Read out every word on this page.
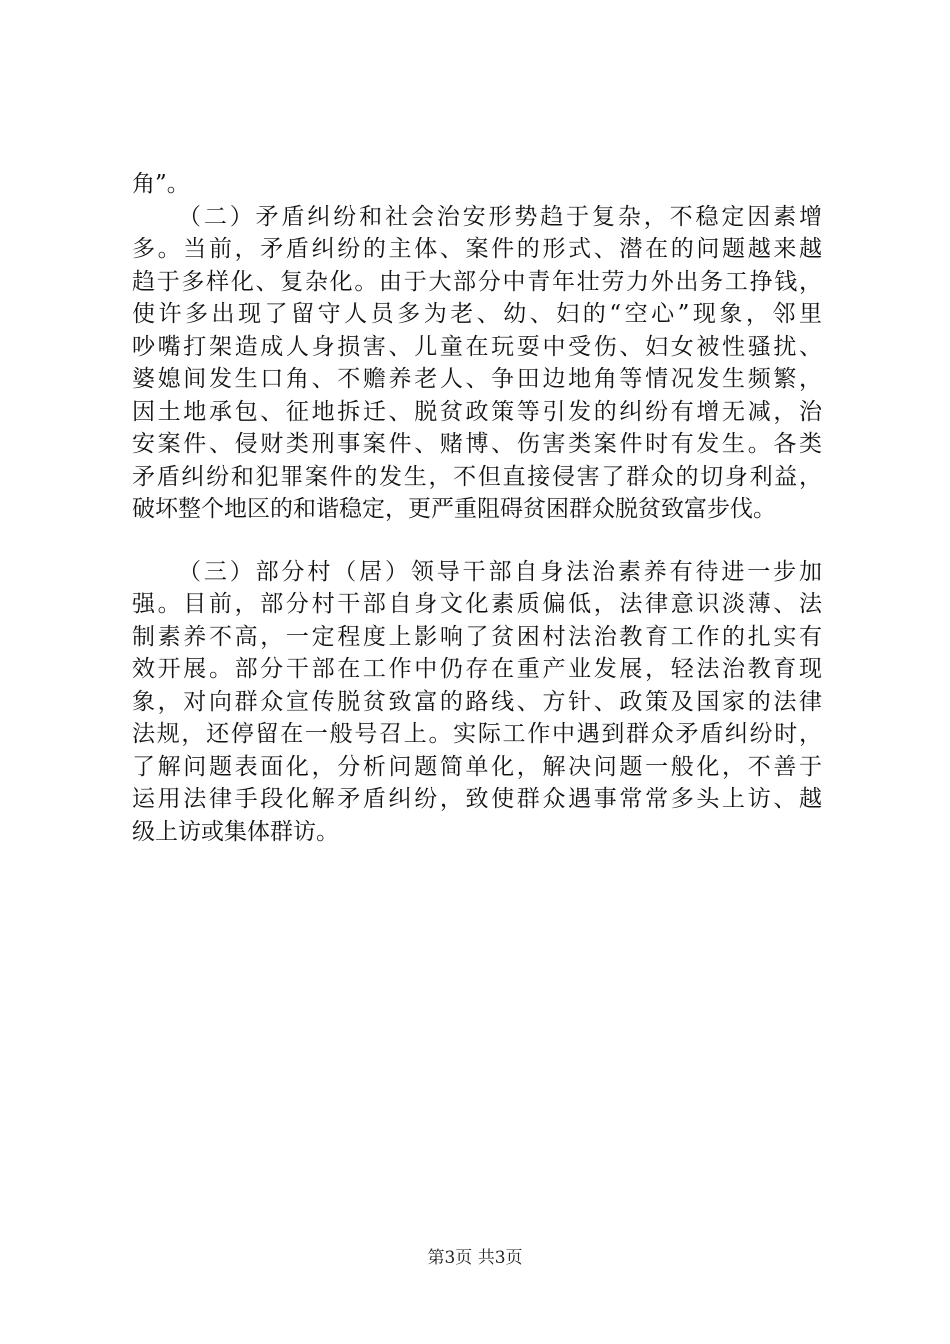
角”。
（二）矛盾纠纷和社会治安形势趋于复杂，不稳定因素增
多。当前，矛盾纠纷的主体、案件的形式、潜在的问题越来越
趋于多样化、复杂化。由于大部分中青年壮劳力外出务工挣钱，
使许多出现了留守人员多为老、幼、妇的“空心”现象，邻里
吵嘴打架造成人身损害、儿童在玩耍中受伤、妇女被性骚扰、
婆媳间发生口角、不赡养老人、争田边地角等情况发生频繁，
因土地承包、征地拆迁、脱贫政策等引发的纠纷有增无减，治
安案件、侵财类刑事案件、赌博、伤害类案件时有发生。各类
矛盾纠纷和犯罪案件的发生，不但直接侵害了群众的切身利益，
破坏整个地区的和谐稳定，更严重阻碍贫困群众脱贫致富步伐。
（三）部分村（居）领导干部自身法治素养有待进一步加
强。目前，部分村干部自身文化素质偏低，法律意识淡薄、法
制素养不高，一定程度上影响了贫困村法治教育工作的扎实有
效开展。部分干部在工作中仍存在重产业发展，轻法治教育现
象，对向群众宣传脱贫致富的路线、方针、政策及国家的法律
法规，还停留在一般号召上。实际工作中遇到群众矛盾纠纷时，
了解问题表面化，分析问题简单化，解决问题一般化，不善于
运用法律手段化解矛盾纠纷，致使群众遇事常常多头上访、越
级上访或集体群访。
第3页 共3页
